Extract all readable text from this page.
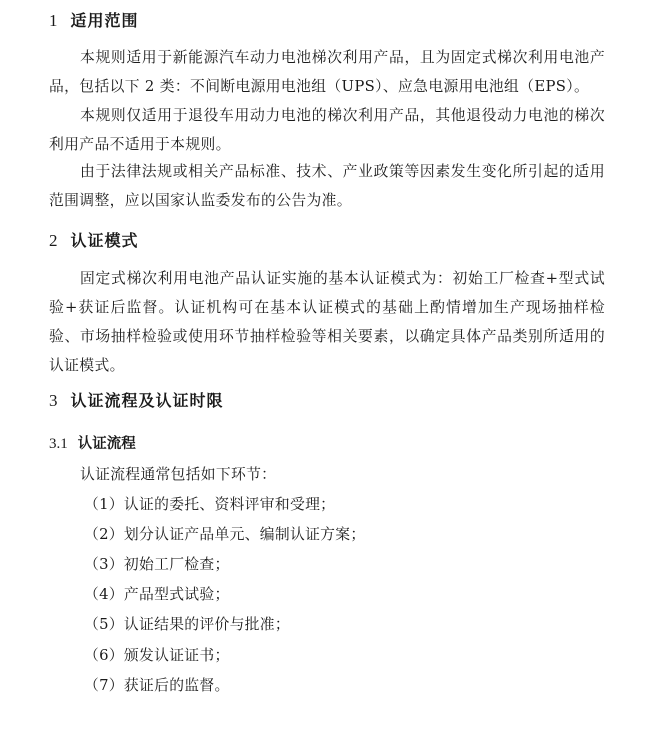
1 适用范围

本规则适用于新能源汽车动力电池梯次利用产品，且为固定式梯次利用电池产品，包括以下 2 类：不间断电源用电池组（UPS）、应急电源用电池组（EPS）。

本规则仅适用于退役车用动力电池的梯次利用产品，其他退役动力电池的梯次利用产品不适用于本规则。

由于法律法规或相关产品标准、技术、产业政策等因素发生变化所引起的适用范围调整，应以国家认监委发布的公告为准。

2 认证模式

固定式梯次利用电池产品认证实施的基本认证模式为：初始工厂检查+型式试验+获证后监督。认证机构可在基本认证模式的基础上酌情增加生产现场抽样检验、市场抽样检验或使用环节抽样检验等相关要素，以确定具体产品类别所适用的认证模式。

3 认证流程及认证时限
3.1 认证流程
认证流程通常包括如下环节：
（1）认证的委托、资料评审和受理；
（2）划分认证产品单元、编制认证方案；
（3）初始工厂检查；
（4）产品型式试验；
（5）认证结果的评价与批准；
（6）颁发认证证书；
（7）获证后的监督。
